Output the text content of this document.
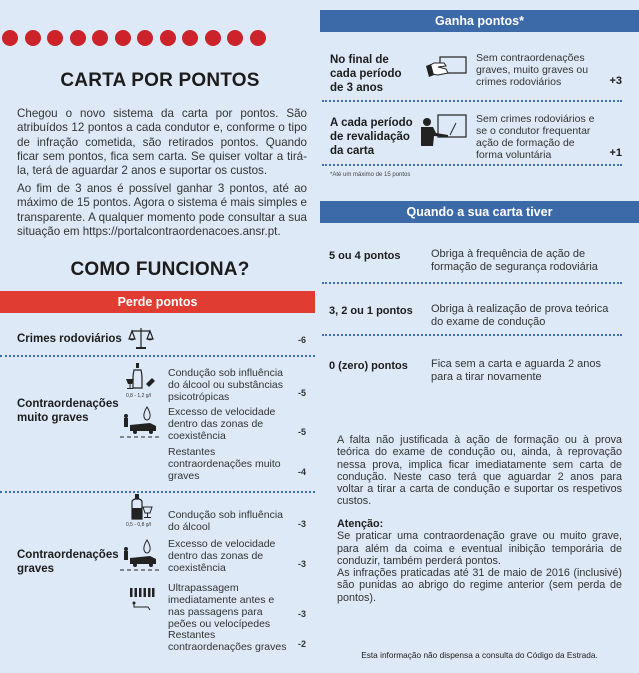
CARTA POR PONTOS
Chegou o novo sistema da carta por pontos. São atribuídos 12 pontos a cada condutor e, conforme o tipo de infração cometida, são retirados pontos. Quando ficar sem pontos, fica sem carta. Se quiser voltar a tirá-la, terá de aguardar 2 anos e suportar os custos.
Ao fim de 3 anos é possível ganhar 3 pontos, até ao máximo de 15 pontos. Agora o sistema é mais simples e transparente. A qualquer momento pode consultar a sua situação em https://portalcontraordenacoes.ansr.pt.
COMO FUNCIONA?
Perde pontos
Crimes rodoviários	-6
Contraordenações muito graves
0,8 - 1,2 g/l
Condução sob influência do álcool ou substâncias psicotrópicas	-5
Excesso de velocidade dentro das zonas de coexistência	-5
Restantes contraordenações muito graves	-4
Contraordenações graves
0,5 - 0,8 g/l
Condução sob influência do álcool	-3
Excesso de velocidade dentro das zonas de coexistência	-3
Ultrapassagem imediatamente antes e nas passagens para peões ou velocípedes
-3
Restantes contraordenações graves	-2
Ganha pontos*
No final de cada período de 3 anos
Sem contraordenações graves, muito graves ou crimes rodoviários	+3
A cada período de revalidação da carta
Sem crimes rodoviários e se o condutor frequentar ação de formação de forma voluntária	+1
*Até um máximo de 15 pontos
Quando a sua carta tiver
5 ou 4 pontos	Obriga à frequência de ação de formação de segurança rodoviária
3, 2 ou 1 pontos Obriga à realização de prova teórica do exame de condução
0 (zero) pontos Fica sem a carta e aguarda 2 anos para a tirar novamente
A falta não justificada à ação de formação ou à prova teórica do exame de condução ou, ainda, à reprovação nessa prova, implica ficar imediatamente sem carta de condução. Neste caso terá que aguardar 2 anos para voltar a tirar a carta de condução e suportar os respetivos custos.
Atenção:
Se praticar uma contraordenação grave ou muito grave, para além da coima e eventual inibição temporária de conduzir, também perderá pontos.
As infrações praticadas até 31 de maio de 2016 (inclusivé) são punidas ao abrigo do regime anterior (sem perda de pontos).
Esta informação não dispensa a consulta do Código da Estrada.
